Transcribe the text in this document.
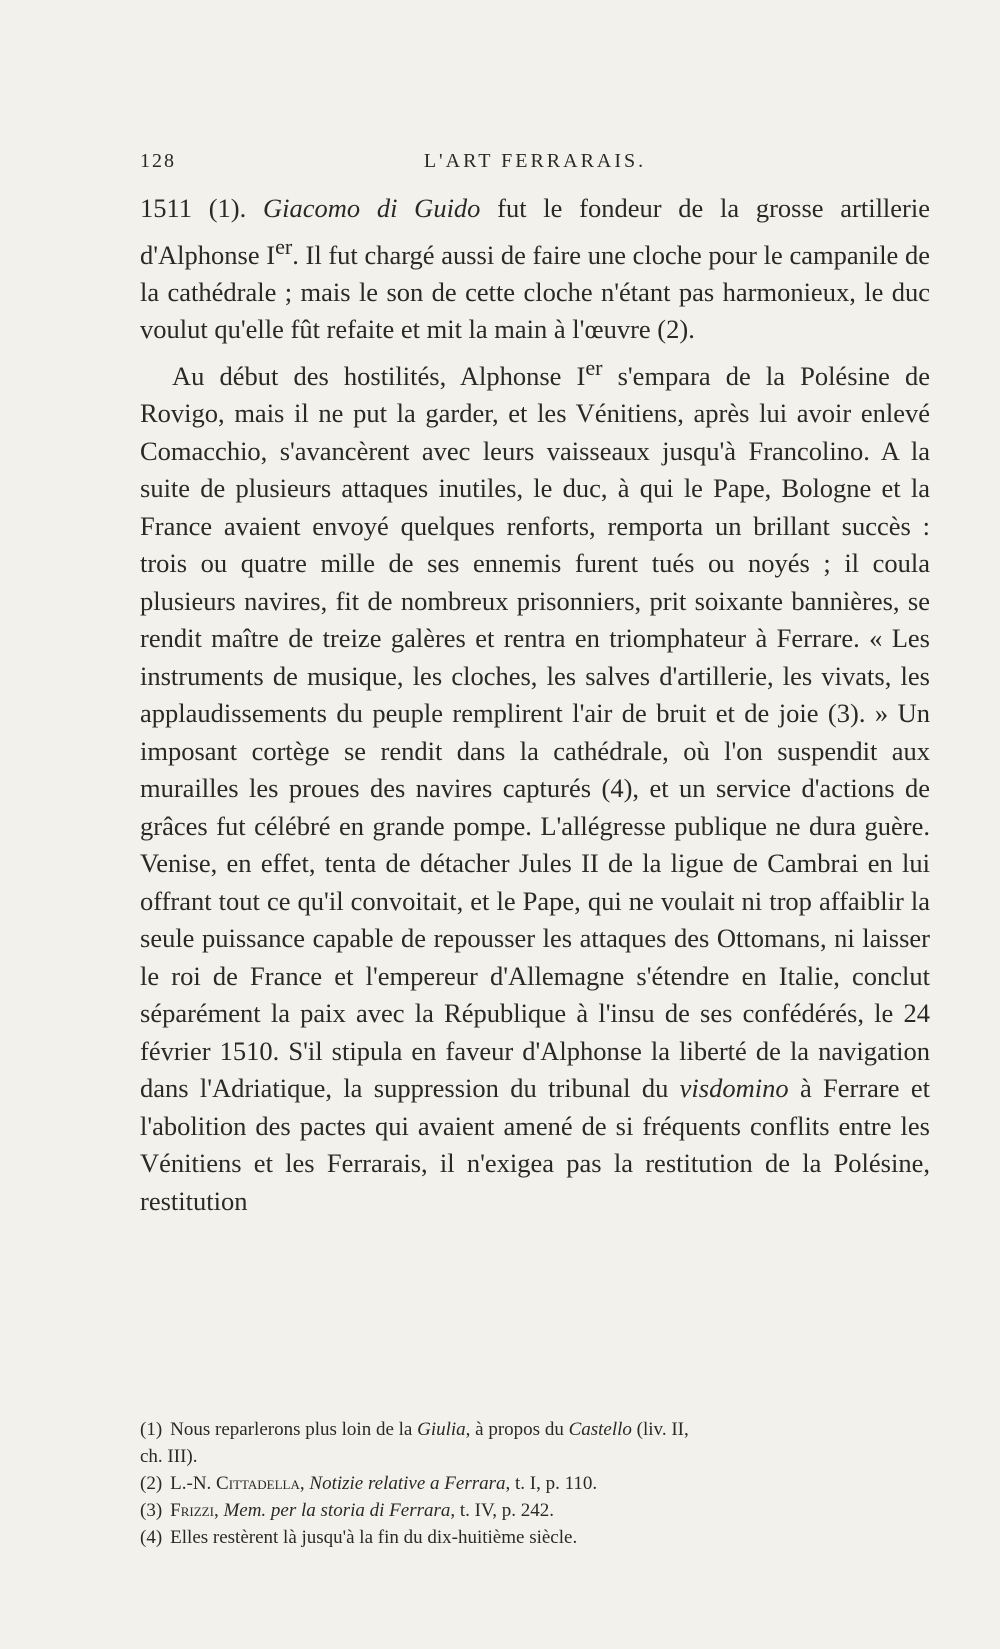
128	L'ART FERRARAIS.

1511 (1). Giacomo di Guido fut le fondeur de la grosse artillerie d'Alphonse Ier. Il fut chargé aussi de faire une cloche pour le campanile de la cathédrale ; mais le son de cette cloche n'étant pas harmonieux, le duc voulut qu'elle fût refaite et mit la main à l'œuvre (2).

Au début des hostilités, Alphonse Ier s'empara de la Polésine de Rovigo, mais il ne put la garder, et les Vénitiens, après lui avoir enlevé Comacchio, s'avancèrent avec leurs vaisseaux jusqu'à Francolino. A la suite de plusieurs attaques inutiles, le duc, à qui le Pape, Bologne et la France avaient envoyé quelques renforts, remporta un brillant succès : trois ou quatre mille de ses ennemis furent tués ou noyés ; il coula plusieurs navires, fit de nombreux prisonniers, prit soixante bannières, se rendit maître de treize galères et rentra en triomphateur à Ferrare. « Les instruments de musique, les cloches, les salves d'artillerie, les vivats, les applaudissements du peuple remplirent l'air de bruit et de joie (3). » Un imposant cortège se rendit dans la cathédrale, où l'on suspendit aux murailles les proues des navires capturés (4), et un service d'actions de grâces fut célébré en grande pompe. L'allégresse publique ne dura guère. Venise, en effet, tenta de détacher Jules II de la ligue de Cambrai en lui offrant tout ce qu'il convoitait, et le Pape, qui ne voulait ni trop affaiblir la seule puissance capable de repousser les attaques des Ottomans, ni laisser le roi de France et l'empereur d'Allemagne s'étendre en Italie, conclut séparément la paix avec la République à l'insu de ses confédérés, le 24 février 1510. S'il stipula en faveur d'Alphonse la liberté de la navigation dans l'Adriatique, la suppression du tribunal du visdomino à Ferrare et l'abolition des pactes qui avaient amené de si fréquents conflits entre les Vénitiens et les Ferrarais, il n'exigea pas la restitution de la Polésine, restitution

(1) Nous reparlerons plus loin de la Giulia, à propos du Castello (liv. II,
ch. III).

(2) L.-N. Cittadella, Notizie relative a Ferrara, t. I, p. 110.

(3) Frizzi, Mem. per la storia di Ferrara, t. IV, p. 242.

(4) Elles restèrent là jusqu'à la fin du dix-huitième siècle.
